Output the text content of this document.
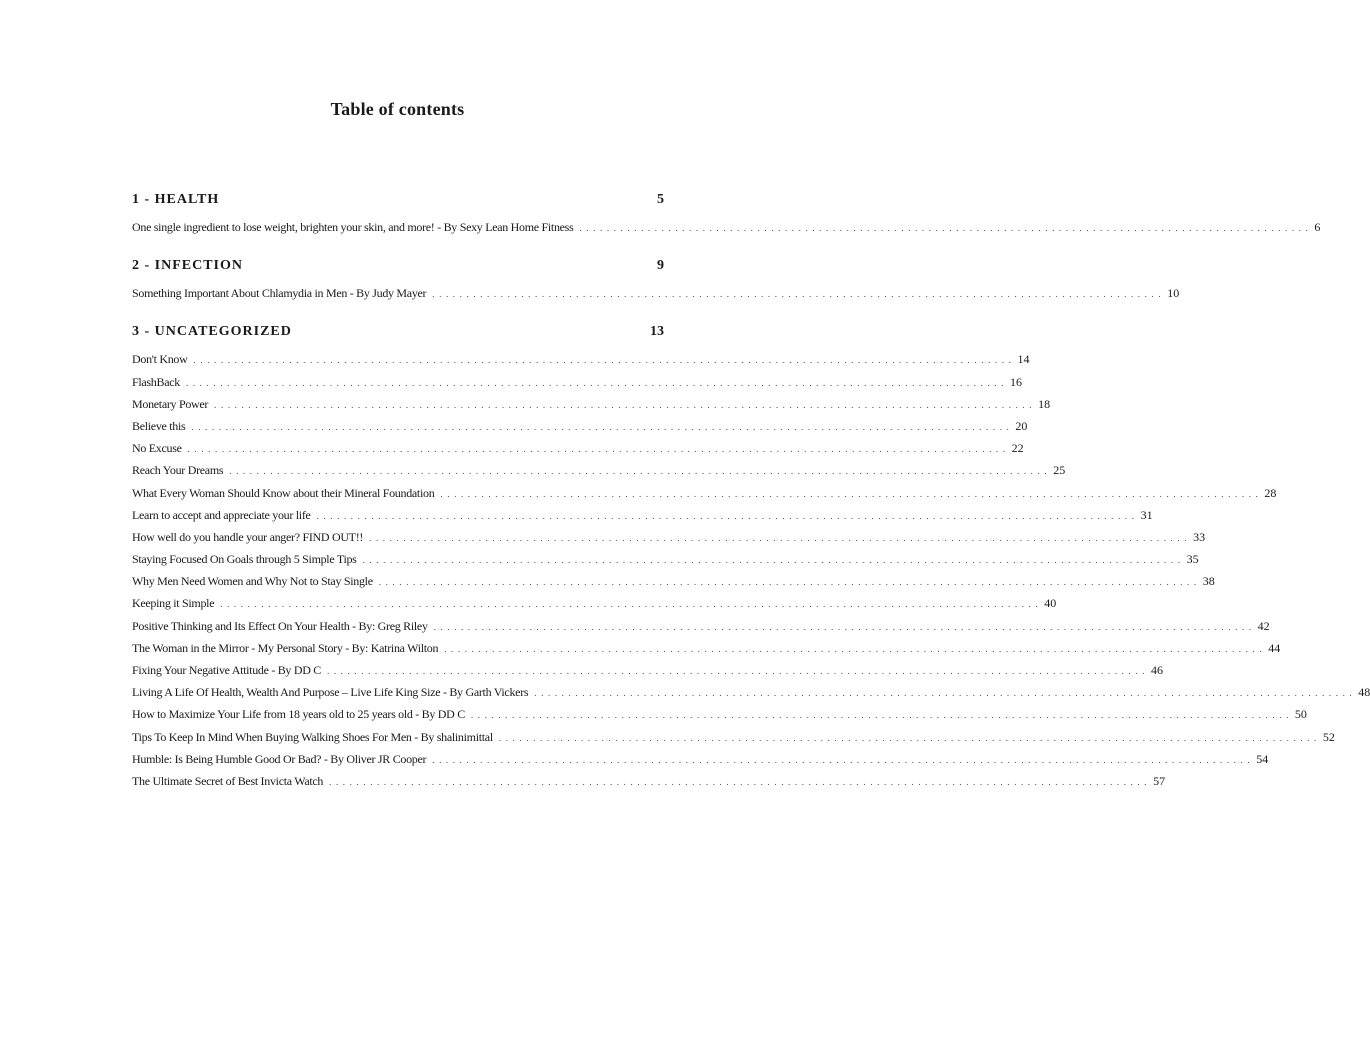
Table of contents
1 - HEALTH	5
One single ingredient to lose weight, brighten your skin, and more! - By Sexy Lean Home Fitness ........................................................................................................... 6
2 - INFECTION	9
Something Important About Chlamydia in Men - By Judy Mayer ........................................................................................................... 10
3 - UNCATEGORIZED	13
Don't Know ........................................................................................................................ 14
FlashBack ........................................................................................................................ 16
Monetary Power ........................................................................................................................ 18
Believe this ........................................................................................................................ 20
No Excuse ........................................................................................................................ 22
Reach Your Dreams ........................................................................................................................ 25
What Every Woman Should Know about their Mineral Foundation ........................................................................................................................ 28
Learn to accept and appreciate your life ........................................................................................................................ 31
How well do you handle your anger? FIND OUT!! ........................................................................................................................ 33
Staying Focused On Goals through 5 Simple Tips ........................................................................................................................ 35
Why Men Need Women and Why Not to Stay Single ........................................................................................................................ 38
Keeping it Simple ........................................................................................................................ 40
Positive Thinking and Its Effect On Your Health - By: Greg Riley ........................................................................................................................ 42
The Woman in the Mirror - My Personal Story - By: Katrina Wilton ........................................................................................................................ 44
Fixing Your Negative Attitude - By DD C ........................................................................................................................ 46
Living A Life Of Health, Wealth And Purpose – Live Life King Size - By Garth Vickers ........................................................................................................................ 48
How to Maximize Your Life from 18 years old to 25 years old - By DD C ........................................................................................................................ 50
Tips To Keep In Mind When Buying Walking Shoes For Men - By shalinimittal ........................................................................................................................ 52
Humble: Is Being Humble Good Or Bad? - By Oliver JR Cooper ........................................................................................................................ 54
The Ultimate Secret of Best Invicta Watch ........................................................................................................................ 57
